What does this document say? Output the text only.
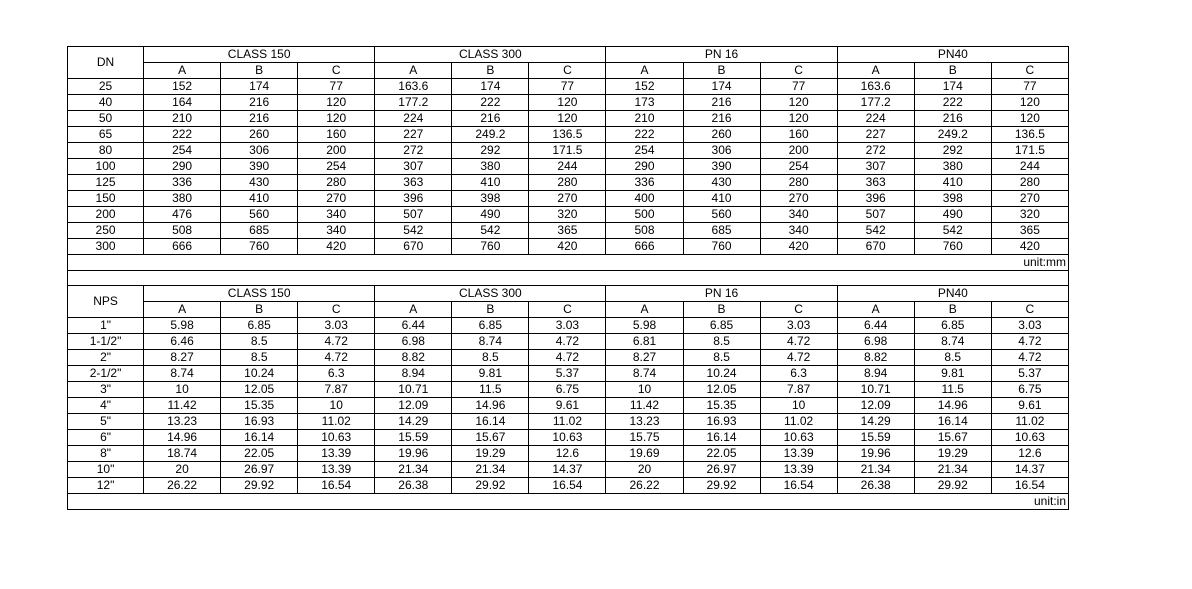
DN	CLASS 150			CLASS 300			PN 16			PN40		
	A	B	C	A	B	C	A	B	C	A	B	C
25	152	174	77	163.6	174	77	152	174	77	163.6	174	77
40	164	216	120	177.2	222	120	173	216	120	177.2	222	120
50	210	216	120	224	216	120	210	216	120	224	216	120
65	222	260	160	227	249.2	136.5	222	260	160	227	249.2	136.5
80	254	306	200	272	292	171.5	254	306	200	272	292	171.5
100	290	390	254	307	380	244	290	390	254	307	380	244
125	336	430	280	363	410	280	336	430	280	363	410	280
150	380	410	270	396	398	270	400	410	270	396	398	270
200	476	560	340	507	490	320	500	560	340	507	490	320
250	508	685	340	542	542	365	508	685	340	542	542	365
300	666	760	420	670	760	420	666	760	420	670	760	420
unit:mm												

NPS	CLASS 150			CLASS 300			PN 16			PN40		
	A	B	C	A	B	C	A	B	C	A	B	C
1"	5.98	6.85	3.03	6.44	6.85	3.03	5.98	6.85	3.03	6.44	6.85	3.03
1-1/2"	6.46	8.5	4.72	6.98	8.74	4.72	6.81	8.5	4.72	6.98	8.74	4.72
2"	8.27	8.5	4.72	8.82	8.5	4.72	8.27	8.5	4.72	8.82	8.5	4.72
2-1/2"	8.74	10.24	6.3	8.94	9.81	5.37	8.74	10.24	6.3	8.94	9.81	5.37
3"	10	12.05	7.87	10.71	11.5	6.75	10	12.05	7.87	10.71	11.5	6.75
4"	11.42	15.35	10	12.09	14.96	9.61	11.42	15.35	10	12.09	14.96	9.61
5"	13.23	16.93	11.02	14.29	16.14	11.02	13.23	16.93	11.02	14.29	16.14	11.02
6"	14.96	16.14	10.63	15.59	15.67	10.63	15.75	16.14	10.63	15.59	15.67	10.63
8"	18.74	22.05	13.39	19.96	19.29	12.6	19.69	22.05	13.39	19.96	19.29	12.6
10"	20	26.97	13.39	21.34	21.34	14.37	20	26.97	13.39	21.34	21.34	14.37
12"	26.22	29.92	16.54	26.38	29.92	16.54	26.22	29.92	16.54	26.38	29.92	16.54
unit:in												
